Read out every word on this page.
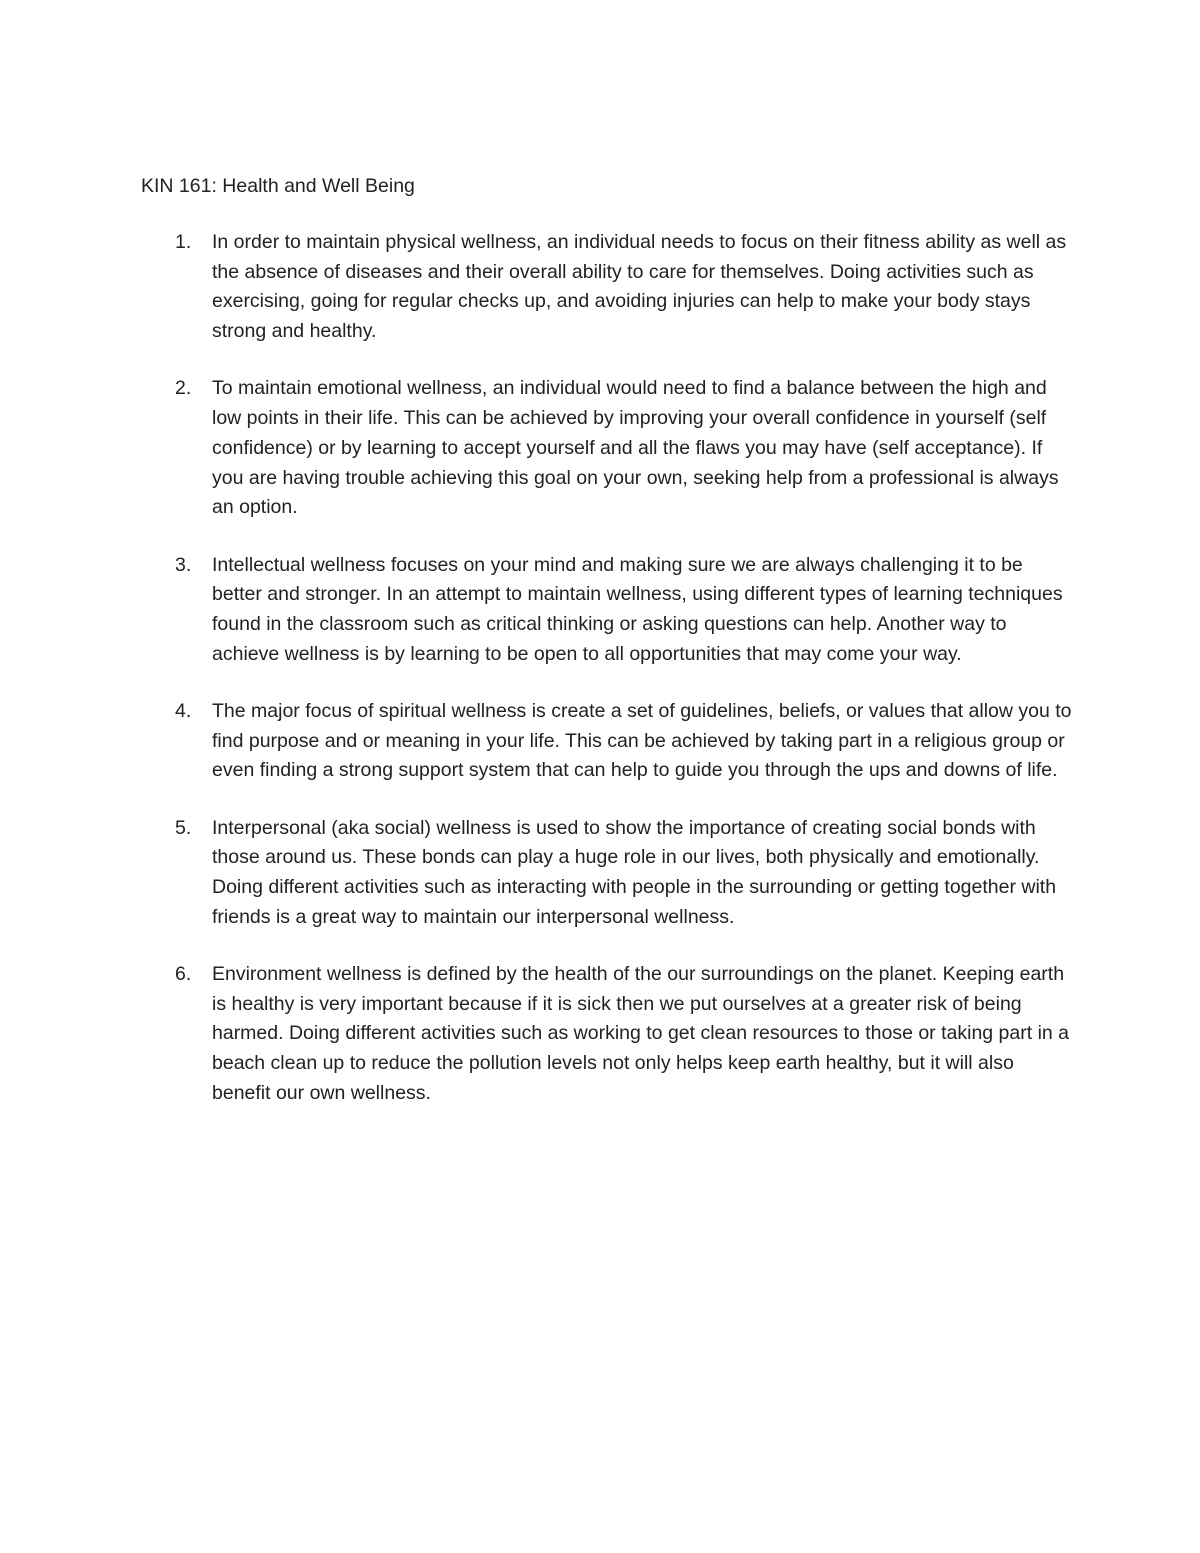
KIN 161: Health and Well Being
1. In order to maintain physical wellness, an individual needs to focus on their fitness ability as well as the absence of diseases and their overall ability to care for themselves. Doing activities such as exercising, going for regular checks up, and avoiding injuries can help to make your body stays strong and healthy.
2. To maintain emotional wellness, an individual would need to find a balance between the high and low points in their life. This can be achieved by improving your overall confidence in yourself (self confidence) or by learning to accept yourself and all the flaws you may have (self acceptance). If you are having trouble achieving this goal on your own, seeking help from a professional is always an option.
3. Intellectual wellness focuses on your mind and making sure we are always challenging it to be better and stronger. In an attempt to maintain wellness, using different types of learning techniques found in the classroom such as critical thinking or asking questions can help. Another way to achieve wellness is by learning to be open to all opportunities that may come your way.
4. The major focus of spiritual wellness is create a set of guidelines, beliefs, or values that allow you to find purpose and or meaning in your life. This can be achieved by taking part in a religious group or even finding a strong support system that can help to guide you through the ups and downs of life.
5. Interpersonal (aka social) wellness is used to show the importance of creating social bonds with those around us. These bonds can play a huge role in our lives, both physically and emotionally. Doing different activities such as interacting with people in the surrounding or getting together with friends is a great way to maintain our interpersonal wellness.
6. Environment wellness is defined by the health of the our surroundings on the planet. Keeping earth is healthy is very important because if it is sick then we put ourselves at a greater risk of being harmed. Doing different activities such as working to get clean resources to those or taking part in a beach clean up to reduce the pollution levels not only helps keep earth healthy, but it will also benefit our own wellness.
